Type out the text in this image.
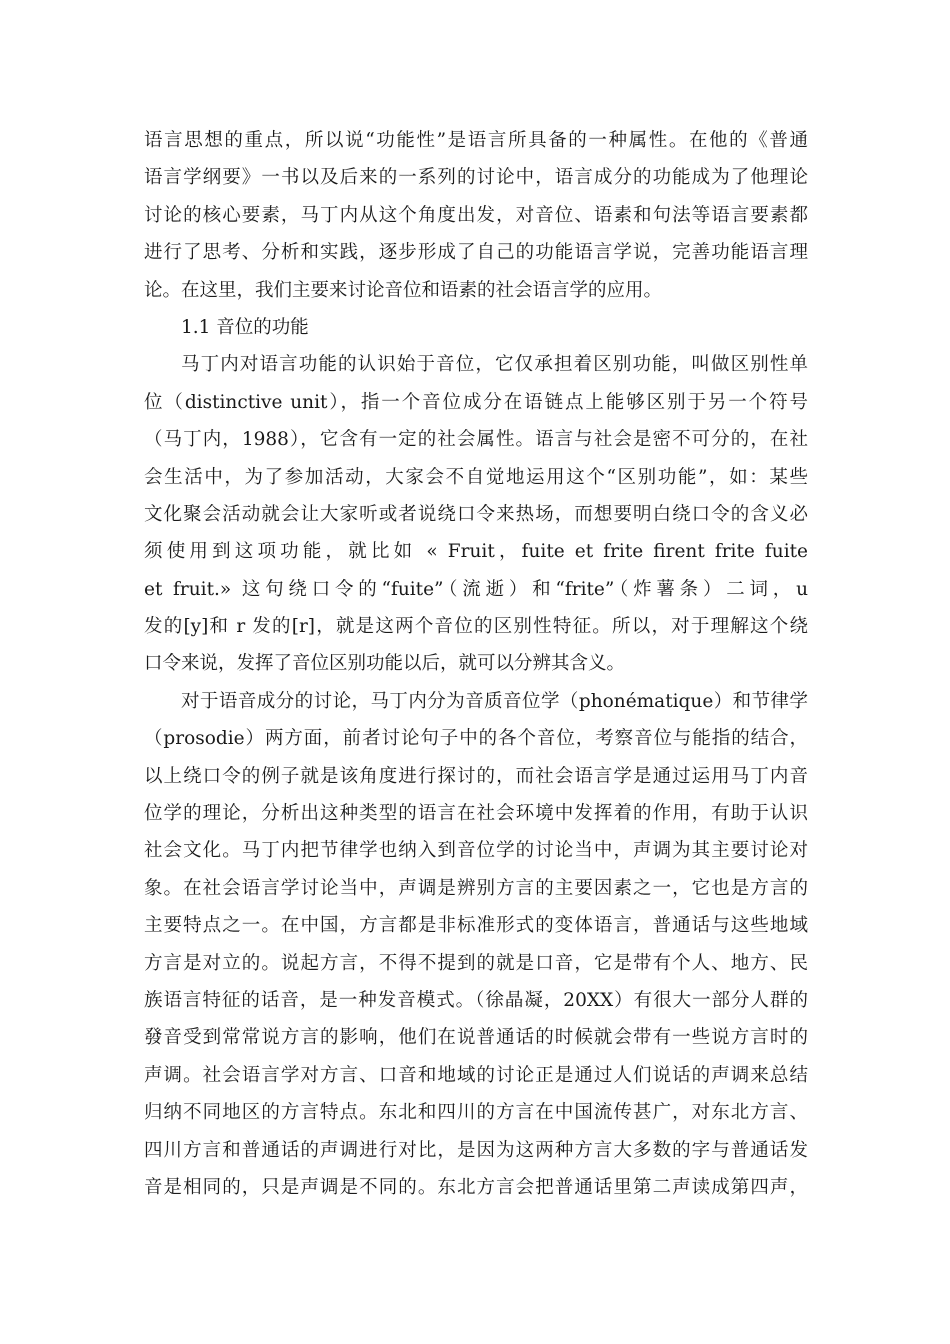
语言思想的重点，所以说“功能性”是语言所具备的一种属性。在他的《普通
语言学纲要》一书以及后来的一系列的讨论中，语言成分的功能成为了他理论
讨论的核心要素，马丁内从这个角度出发，对音位、语素和句法等语言要素都
进行了思考、分析和实践，逐步形成了自己的功能语言学说，完善功能语言理
论。在这里，我们主要来讨论音位和语素的社会语言学的应用。
1.1 音位的功能
马丁内对语言功能的认识始于音位，它仅承担着区别功能，叫做区别性单
位（distinctive unit），指一个音位成分在语链点上能够区别于另一个符号
（马丁内，1988），它含有一定的社会属性。语言与社会是密不可分的，在社
会生活中，为了参加活动，大家会不自觉地运用这个“区别功能”，如：某些
文化聚会活动就会让大家听或者说绕口令来热场，而想要明白绕口令的含义必
须使用到这项功能，就比如 « Fruit，fuite et frite firent frite fuite
et fruit.» 这句绕口令的“fuite”（流逝）和“frite”（炸薯条）二词，u
发的[y]和 r 发的[r]，就是这两个音位的区别性特征。所以，对于理解这个绕
口令来说，发挥了音位区别功能以后，就可以分辨其含义。
对于语音成分的讨论，马丁内分为音质音位学（phonématique）和节律学
（prosodie）两方面，前者讨论句子中的各个音位，考察音位与能指的结合，
以上绕口令的例子就是该角度进行探讨的，而社会语言学是通过运用马丁内音
位学的理论，分析出这种类型的语言在社会环境中发挥着的作用，有助于认识
社会文化。马丁内把节律学也纳入到音位学的讨论当中，声调为其主要讨论对
象。在社会语言学讨论当中，声调是辨别方言的主要因素之一，它也是方言的
主要特点之一。在中国，方言都是非标准形式的变体语言，普通话与这些地域
方言是对立的。说起方言，不得不提到的就是口音，它是带有个人、地方、民
族语言特征的话音，是一种发音模式。（徐晶凝，20XX）有很大一部分人群的
發音受到常常说方言的影响，他们在说普通话的时候就会带有一些说方言时的
声调。社会语言学对方言、口音和地域的讨论正是通过人们说话的声调来总结
归纳不同地区的方言特点。东北和四川的方言在中国流传甚广，对东北方言、
四川方言和普通话的声调进行对比，是因为这两种方言大多数的字与普通话发
音是相同的，只是声调是不同的。东北方言会把普通话里第二声读成第四声，
